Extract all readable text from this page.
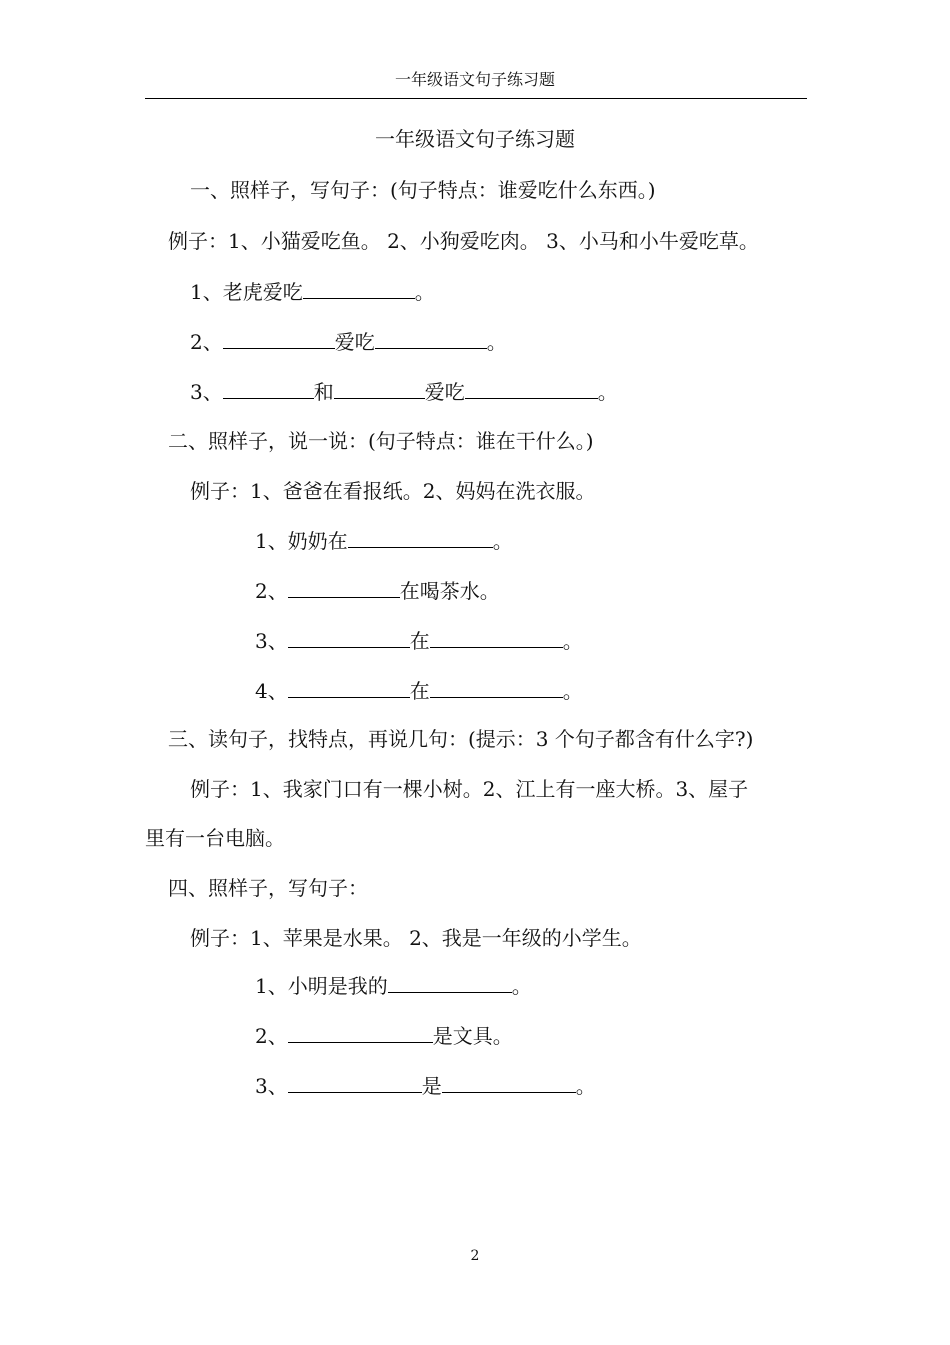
一年级语文句子练习题
一年级语文句子练习题
一、照样子，写句子：(句子特点：谁爱吃什么东西。)
例子：1、小猫爱吃鱼。 2、小狗爱吃肉。 3、小马和小牛爱吃草。
1、老虎爱吃	。
2、	爱吃	。
3、	和	爱吃	。
二、照样子，说一说：(句子特点：谁在干什么。)
例子：1、爸爸在看报纸。2、妈妈在洗衣服。
1、奶奶在	。
2、	在喝茶水。
3、	在	。
4、	在	。
三、读句子，找特点，再说几句：(提示：3 个句子都含有什么字?)
例子：1、我家门口有一棵小树。2、江上有一座大桥。3、屋子
里有一台电脑。
四、照样子，写句子：
例子：1、苹果是水果。 2、我是一年级的小学生。
1、小明是我的	。
2、	是文具。
3、	是	。
2
